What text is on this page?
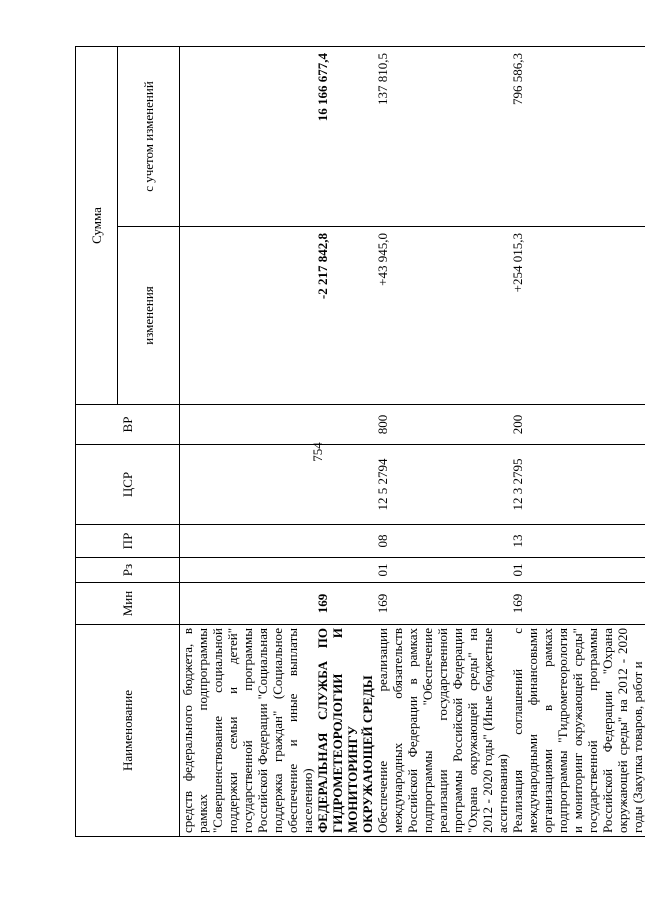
754
Наименование	Мин	Рз	ПР	ЦСР	ВР	Сумма	
						изменения	с учетом изменений
средств федерального бюджета, в рамках подпрограммы "Совершенствование социальной поддержки семьи и детей" государственной программы Российской Федерации "Социальная поддержка граждан" (Социальное обеспечение и иные выплаты населению)							
ФЕДЕРАЛЬНАЯ СЛУЖБА ПО ГИДРОМЕТЕОРОЛОГИИ И МОНИТОРИНГУ ОКРУЖАЮЩЕЙ СРЕДЫ	169					-2 217 842,8	16 166 677,4
Обеспечение реализации международных обязательств Российской Федерации в рамках подпрограммы "Обеспечение реализации государственной программы Российской Федерации "Охрана окружающей среды" на 2012 - 2020 годы" (Иные бюджетные ассигнования)	169	01	08	12 5 2794	800	+43 945,0	137 810,5
Реализация соглашений с международными финансовыми организациями в рамках подпрограммы "Гидрометеорология и мониторинг окружающей среды" государственной программы Российской Федерации "Охрана окружающей среды" на 2012 - 2020 годы (Закупка товаров, работ и	169	01	13	12 3 2795	200	+254 015,3	796 586,3
